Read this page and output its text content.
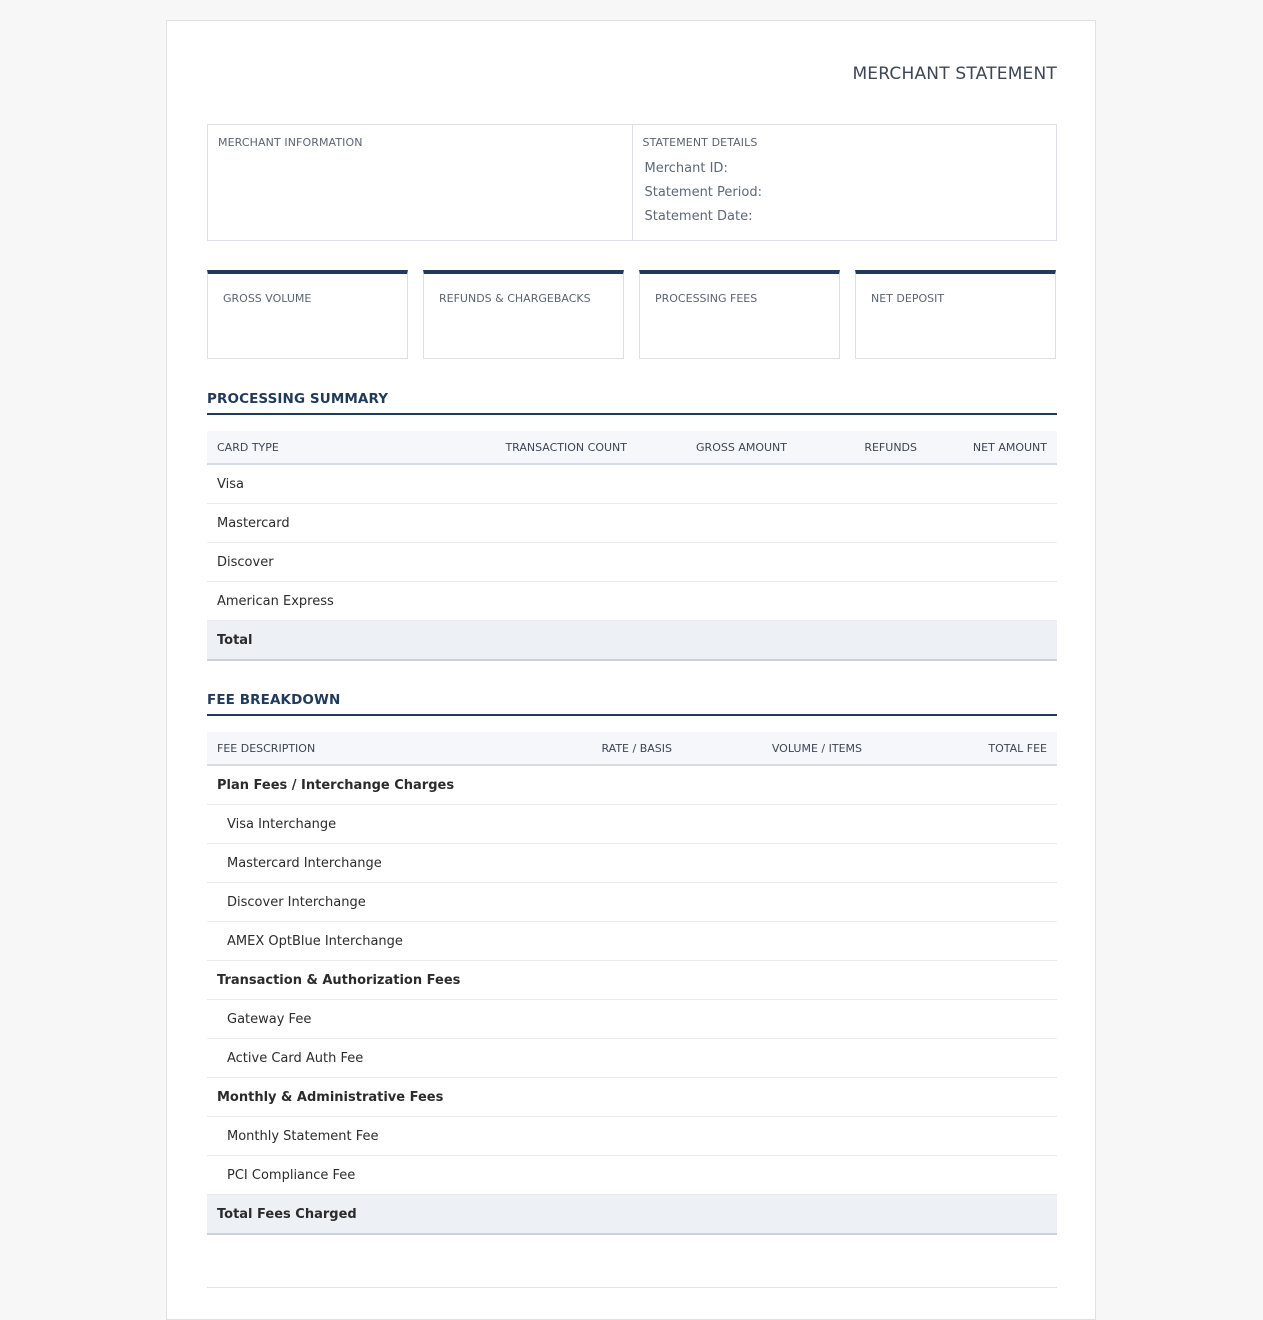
MERCHANT STATEMENT
MERCHANT INFORMATION	STATEMENT DETAILS
Merchant ID:
Statement Period:
Statement Date:
GROSS VOLUME	REFUNDS & CHARGEBACKS	PROCESSING FEES	NET DEPOSIT
PROCESSING SUMMARY
CARD TYPE	TRANSACTION COUNT	GROSS AMOUNT	REFUNDS	NET AMOUNT
Visa				
Mastercard				
Discover				
American Express				
Total				
FEE BREAKDOWN
FEE DESCRIPTION	RATE / BASIS	VOLUME / ITEMS	TOTAL FEE
Plan Fees / Interchange Charges			
Visa Interchange			
Mastercard Interchange			
Discover Interchange			
AMEX OptBlue Interchange			
Transaction & Authorization Fees			
Gateway Fee			
Active Card Auth Fee			
Monthly & Administrative Fees			
Monthly Statement Fee			
PCI Compliance Fee			
Total Fees Charged			
